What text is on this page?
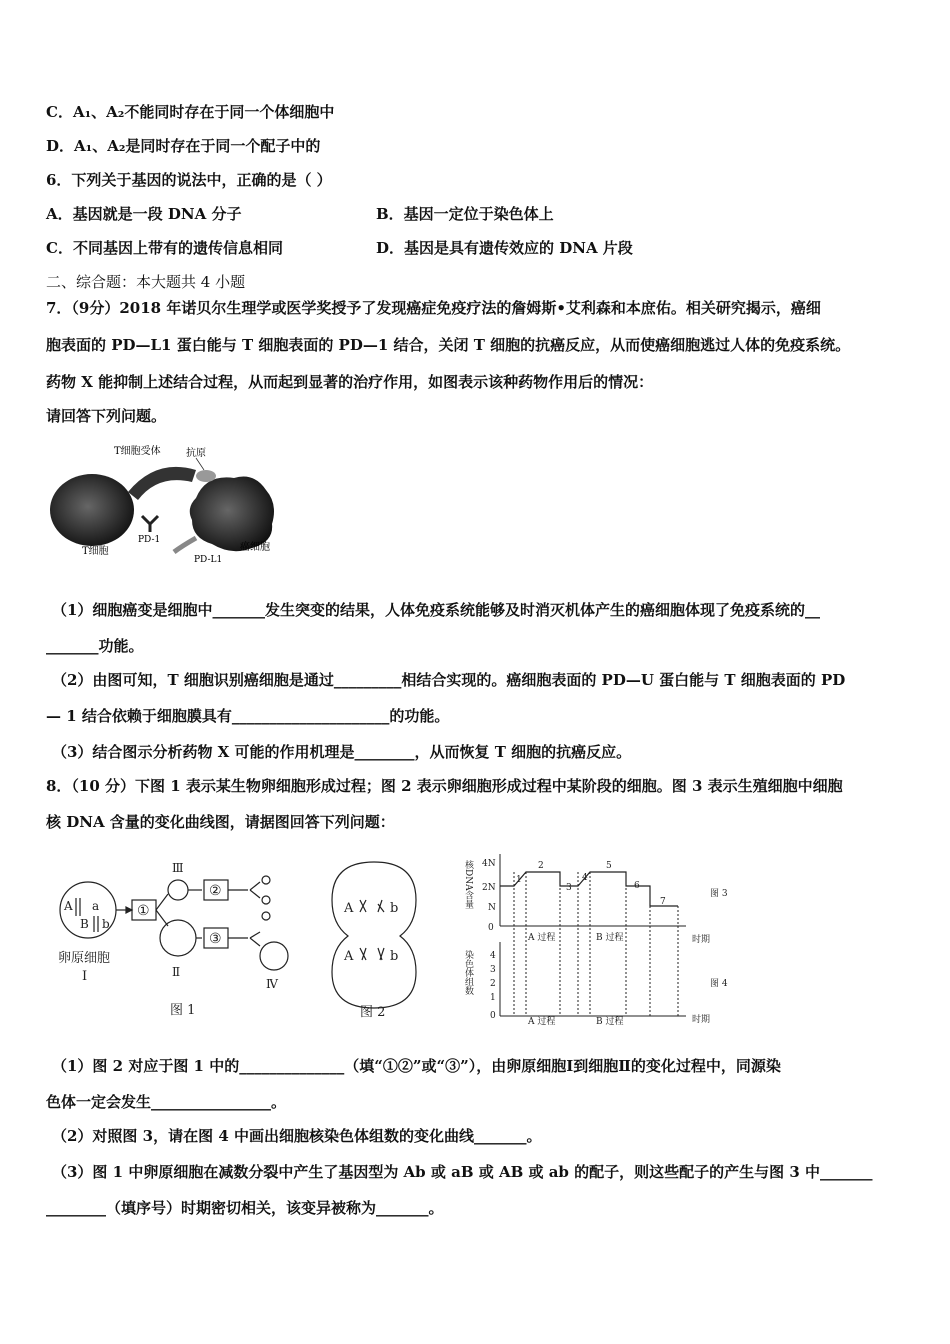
C．A₁、A₂不能同时存在于同一个体细胞中
D．A₁、A₂是同时存在于同一个配子中的
6．下列关于基因的说法中，正确的是（ ）
A．基因就是一段 DNA 分子	B．基因一定位于染色体上
C．不同基因上带有的遗传信息相同	D．基因是具有遗传效应的 DNA 片段
二、综合题：本大题共 4 小题
7．（9分）2018 年诺贝尔生理学或医学奖授予了发现癌症免疫疗法的詹姆斯•艾利森和本庶佑。相关研究揭示，癌细
胞表面的 PD—L1 蛋白能与 T 细胞表面的 PD—1 结合，关闭 T 细胞的抗癌反应，从而使癌细胞逃过人体的免疫系统。
药物 X 能抑制上述结合过程，从而起到显著的治疗作用，如图表示该种药物作用后的情况：
请回答下列问题。
T细胞受体	抗原
T细胞
PD-1
PD-L1
癌细胞
（1）细胞癌变是细胞中_______发生突变的结果，人体免疫系统能够及时消灭机体产生的癌细胞体现了免疫系统的__
_______功能。
（2）由图可知，T 细胞识别癌细胞是通过_________相结合实现的。癌细胞表面的 PD—U 蛋白能与 T 细胞表面的 PD
— 1 结合依赖于细胞膜具有_____________________的功能。
（3）结合图示分析药物 X 可能的作用机理是________，从而恢复 T 细胞的抗癌反应。
8．（10 分）下图 1 表示某生物卵细胞形成过程；图 2 表示卵细胞形成过程中某阶段的细胞。图 3 表示生殖细胞中细胞
核 DNA 含量的变化曲线图，请据图回答下列问题：
A a
B b
①
Ⅲ
②
Ⅱ
③
Ⅳ
卵原细胞
Ⅰ
图 1
A	b
A	b
图 2
核DNA含量 4N
2N
N
0
1
2
3
4
5
6
7
A 过程	B 过程	时期
图 3
染色体组数 4
3
2
1
0
A 过程	B 过程	时期
图 4
（1）图 2 对应于图 1 中的______________（填“①②”或“③”），由卵原细胞Ⅰ到细胞Ⅱ的变化过程中，同源染
色体一定会发生________________。
（2）对照图 3，请在图 4 中画出细胞核染色体组数的变化曲线_______。
（3）图 1 中卵原细胞在减数分裂中产生了基因型为 Ab 或 aB 或 AB 或 ab 的配子，则这些配子的产生与图 3 中_______
________（填序号）时期密切相关，该变异被称为_______。
